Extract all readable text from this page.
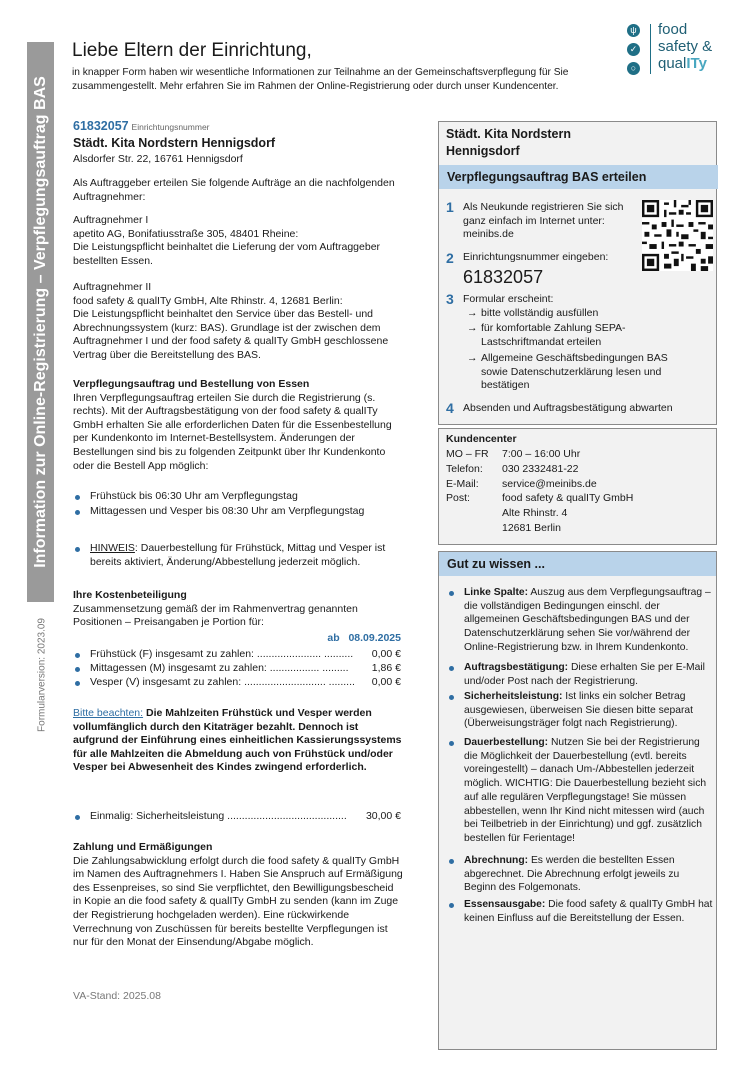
Information zur Online-Registrierung – Verpflegungsauftrag BAS
Formularversion: 2023.09
Liebe Eltern der Einrichtung,
in knapper Form haben wir wesentliche Informationen zur Teilnahme an der Gemeinschaftsverpflegung für Sie zusammengestellt. Mehr erfahren Sie im Rahmen der Online-Registrierung oder durch unser Kundencenter.
ψ
✓
○
food
safety &
qualITy
61832057 Einrichtungsnummer
Städt. Kita Nordstern Hennigsdorf
Alsdorfer Str. 22, 16761 Hennigsdorf
Als Auftraggeber erteilen Sie folgende Aufträge an die nachfolgenden Auftragnehmer:
Auftragnehmer I
apetito AG, Bonifatiusstraße 305, 48401 Rheine:
Die Leistungspflicht beinhaltet die Lieferung der vom Auftraggeber bestellten Essen.
Auftragnehmer II
food safety & qualITy GmbH, Alte Rhinstr. 4, 12681 Berlin:
Die Leistungspflicht beinhaltet den Service über das Bestell- und Abrechnungssystem (kurz: BAS). Grundlage ist der zwischen dem Auftragnehmer I und der food safety & qualITy GmbH geschlossene Vertrag über die Bereitstellung des BAS.
Verpflegungsauftrag und Bestellung von Essen
Ihren Verpflegungsauftrag erteilen Sie durch die Registrierung (s. rechts). Mit der Auftragsbestätigung von der food safety & qualITy GmbH erhalten Sie alle erforderlichen Daten für die Essenbestellung per Kundenkonto im Internet-Bestellsystem. Änderungen der Bestellungen sind bis zu folgenden Zeitpunkt über Ihr Kundenkonto oder die Bestell App möglich:
Frühstück bis 06:30 Uhr am Verpflegungstag
Mittagessen und Vesper bis 08:30 Uhr am Verpflegungstag
HINWEIS: Dauerbestellung für Frühstück, Mittag und Vesper ist bereits aktiviert, Änderung/Abbestellung jederzeit möglich.
Ihre Kostenbeteiligung
Zusammensetzung gemäß der im Rahmenvertrag genannten Positionen – Preisangaben je Portion für:
ab 08.09.2025
Frühstück (F) insgesamt zu zahlen: ...................... .......... 0,00 €
Mittagessen (M) insgesamt zu zahlen: ................. ......... 1,86 €
Vesper (V) insgesamt zu zahlen: ............................ ......... 0,00 €
Bitte beachten: Die Mahlzeiten Frühstück und Vesper werden vollumfänglich durch den Kitaträger bezahlt. Dennoch ist aufgrund der Einführung eines einheitlichen Kassierungssystems für alle Mahlzeiten die Abmeldung auch von Frühstück und/oder Vesper bei Abwesenheit des Kindes zwingend erforderlich.
Einmalig: Sicherheitsleistung ......................................... 30,00 €
Zahlung und Ermäßigungen
Die Zahlungsabwicklung erfolgt durch die food safety & qualITy GmbH im Namen des Auftragnehmers I. Haben Sie Anspruch auf Ermäßigung des Essenpreises, so sind Sie verpflichtet, den Bewilligungsbescheid in Kopie an die food safety & qualITy GmbH zu senden (kann im Zuge der Registrierung hochgeladen werden). Eine rückwirkende Verrechnung von Zuschüssen für bereits bestellte Verpflegungen ist nur für den Monat der Einsendung/Abgabe möglich.
VA-Stand: 2025.08
Städt. Kita Nordstern
Hennigsdorf
Verpflegungsauftrag BAS erteilen
1 Als Neukunde registrieren Sie sich ganz einfach im Internet unter: meinibs.de
2 Einrichtungsnummer eingeben:
61832057
3 Formular erscheint:
→ bitte vollständig ausfüllen
→ für komfortable Zahlung SEPA-Lastschriftmandat erteilen
→ Allgemeine Geschäftsbedingungen BAS sowie Datenschutzerklärung lesen und bestätigen
4 Absenden und Auftragsbestätigung abwarten
Kundencenter
MO – FR 7:00 – 16:00 Uhr
Telefon: 030 2332481-22
E-Mail: service@meinibs.de
Post:	food safety & qualITy GmbH
Alte Rhinstr. 4
12681 Berlin
Gut zu wissen ...
Linke Spalte: Auszug aus dem Verpflegungsauftrag – die vollständigen Bedingungen einschl. der allgemeinen Geschäftsbedingungen BAS und der Datenschutzerklärung sehen Sie vor/während der Online-Registrierung bzw. in Ihrem Kundenkonto.
Auftragsbestätigung: Diese erhalten Sie per E-Mail und/oder Post nach der Registrierung.
Sicherheitsleistung: Ist links ein solcher Betrag ausgewiesen, überweisen Sie diesen bitte separat (Überweisungsträger folgt nach Registrierung).
Dauerbestellung: Nutzen Sie bei der Registrierung die Möglichkeit der Dauerbestellung (evtl. bereits voreingestellt) – danach Um-/Abbestellen jederzeit möglich. WICHTIG: Die Dauerbestellung bezieht sich auf alle regulären Verpflegungstage! Sie müssen abbestellen, wenn Ihr Kind nicht mitessen wird (auch bei Teilbetrieb in der Einrichtung) und ggf. zusätzlich bestellen für Ferientage!
Abrechnung: Es werden die bestellten Essen abgerechnet. Die Abrechnung erfolgt jeweils zu Beginn des Folgemonats.
Essensausgabe: Die food safety & qualITy GmbH hat keinen Einfluss auf die Bereitstellung der Essen.
